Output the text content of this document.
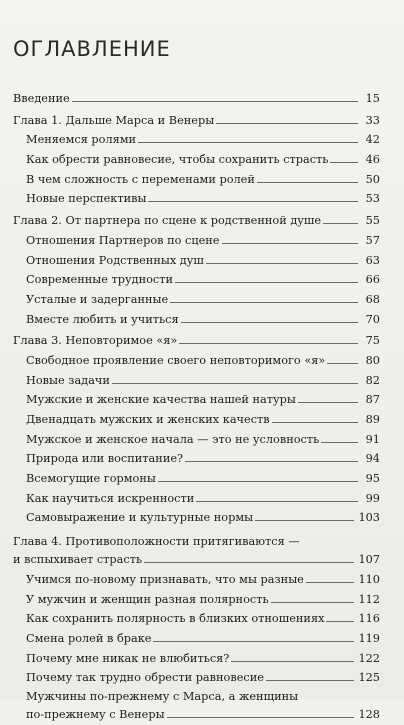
ОГЛАВЛЕНИЕ
Введение	15
Глава 1. Дальше Марса и Венеры	33
Меняемся ролями	42
Как обрести равновесие, чтобы сохранить страсть	46
В чем сложность с переменами ролей	50
Новые перспективы	53
Глава 2. От партнера по сцене к родственной душе	55
Отношения Партнеров по сцене	57
Отношения Родственных душ	63
Современные трудности	66
Усталые и задерганные	68
Вместе любить и учиться	70
Глава 3. Неповторимое «я»	75
Свободное проявление своего неповторимого «я»	80
Новые задачи	82
Мужские и женские качества нашей натуры	87
Двенадцать мужских и женских качеств	89
Мужское и женское начала — это не условность	91
Природа или воспитание?	94
Всемогущие гормоны	95
Как научиться искренности	99
Самовыражение и культурные нормы	103
Глава 4. Противоположности притягиваются —
и вспыхивает страсть	107
Учимся по-новому признавать, что мы разные	110
У мужчин и женщин разная полярность	112
Как сохранить полярность в близких отношениях	116
Смена ролей в браке	119
Почему мне никак не влюбиться?	122
Почему так трудно обрести равновесие	125
Мужчины по-прежнему с Марса, а женщины
по-прежнему с Венеры	128
